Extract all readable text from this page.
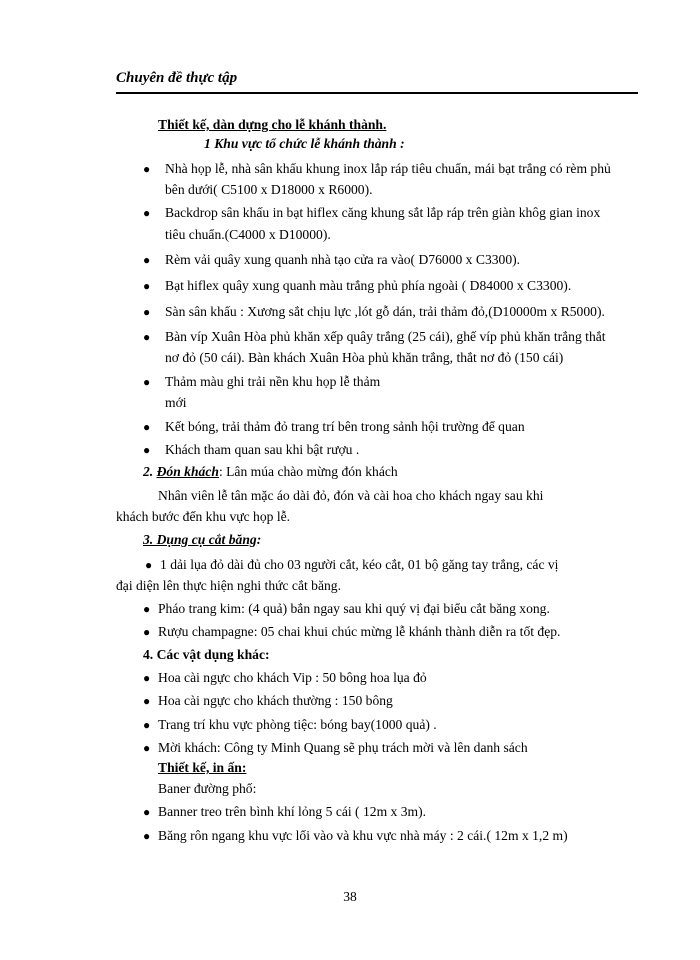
Chuyên đề thực tập
Thiết kế, dàn dựng cho lễ khánh thành.
1 Khu vực tổ chức lễ khánh thành :
● Nhà họp lễ, nhà sân khấu khung inox lắp ráp tiêu chuẩn, mái bạt trắng có rèm phủ
bên dưới( C5100 x D18000 x R6000).
● Backdrop sân khấu in bạt hiflex căng khung sắt lắp ráp trên giàn khôg gian inox
tiêu chuẩn.(C4000 x D10000).
● Rèm vải quây xung quanh nhà tạo cửa ra vào( D76000 x C3300).
● Bạt hiflex quây xung quanh màu trắng phủ phía ngoài ( D84000 x C3300).
● Sàn sân khấu : Xương sắt chịu lực ,lót gỗ dán, trải thảm đỏ,(D10000m x R5000).
● Bàn víp Xuân Hòa phủ khăn xếp quây trắng (25 cái), ghế víp phủ khăn trắng thắt
nơ đỏ (50 cái). Bàn khách Xuân Hòa phủ khăn trắng, thắt nơ đỏ (150 cái)
● Thảm màu ghi trải nền khu họp lễ thảm
mới
● Kết bóng, trải thảm đỏ trang trí bên trong sảnh hội trường để quan
● Khách tham quan sau khi bật rượu .
2. Đón khách: Lân múa chào mừng đón khách
Nhân viên lễ tân mặc áo dài đỏ, đón và cài hoa cho khách ngay sau khi
khách bước đến khu vực họp lễ.
3. Dụng cụ cắt băng:
● 1 dải lụa đỏ dài đủ cho 03 người cắt, kéo cắt, 01 bộ găng tay trắng, các vị
đại diện lên thực hiện nghi thức cắt băng.
● Pháo trang kim: (4 quả) bắn ngay sau khi quý vị đại biểu cắt băng xong.
● Rượu champagne: 05 chai khui chúc mừng lễ khánh thành diễn ra tốt đẹp.
4. Các vật dụng khác:
● Hoa cài ngực cho khách Vip : 50 bông hoa lụa đỏ
● Hoa cài ngực cho khách thường : 150 bông
● Trang trí khu vực phòng tiệc: bóng bay(1000 quả) .
● Mời khách: Công ty Minh Quang sẽ phụ trách mời và lên danh sách
Thiết kế, in ấn:
Baner đường phố:
● Banner treo trên bình khí lỏng 5 cái ( 12m x 3m).
● Băng rôn ngang khu vực lối vào và khu vực nhà máy : 2 cái.( 12m x 1,2 m)
38
